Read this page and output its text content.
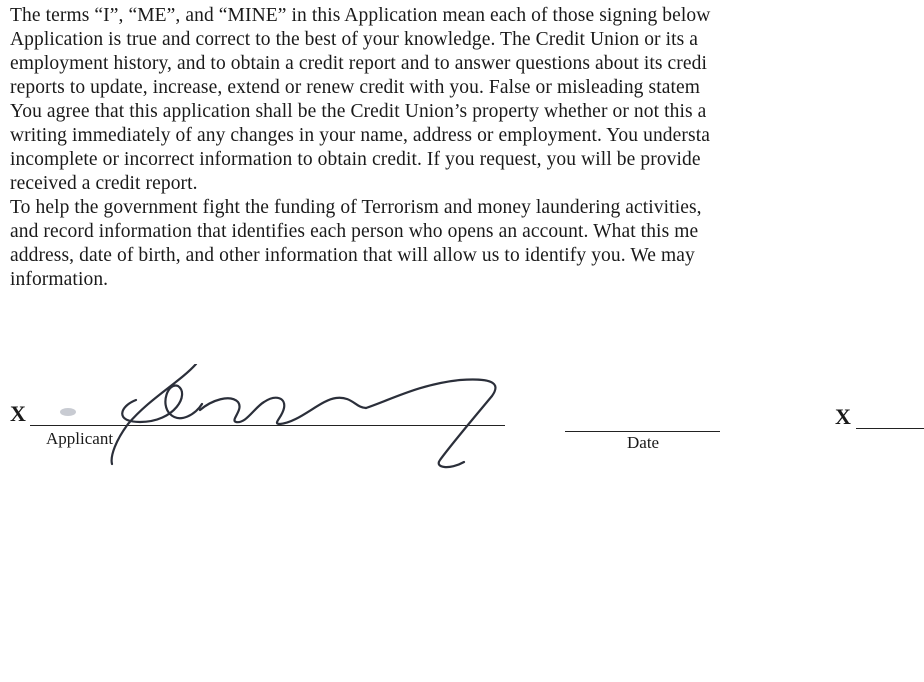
The terms “I”, “ME”, and “MINE” in this Application mean each of those signing below
Application is true and correct to the best of your knowledge. The Credit Union or its a
employment history, and to obtain a credit report and to answer questions about its credi
reports to update, increase, extend or renew credit with you. False or misleading statem
You agree that this application shall be the Credit Union’s property whether or not this a
writing immediately of any changes in your name, address or employment. You understa
incomplete or incorrect information to obtain credit. If you request, you will be provide
received a credit report.
To help the government fight the funding of Terrorism and money laundering activities,
and record information that identifies each person who opens an account. What this me
address, date of birth, and other information that will allow us to identify you. We may
information.
X
Applicant	Date
X
